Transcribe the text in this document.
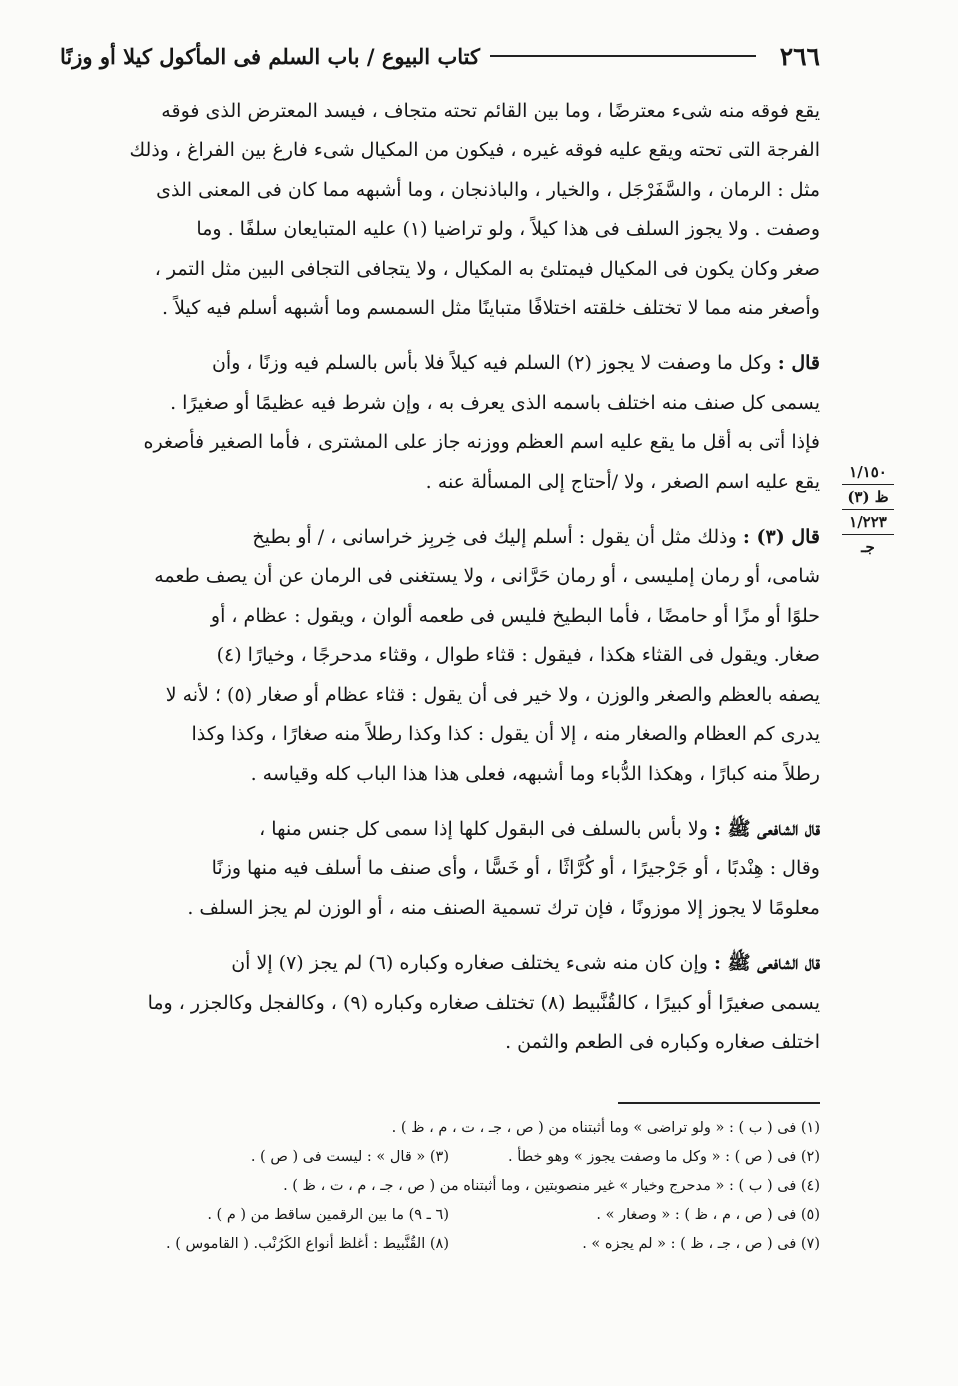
٢٦٦
كتاب البيوع / باب السلم فى المأكول كيلا أو وزنًا

يقع فوقه منه شىء معترضًا ، وما بين القائم تحته متجاف ، فيسد المعترض الذى فوقه

الفرجة التى تحته ويقع عليه فوقه غيره ، فيكون من المكيال شىء فارغ بين الفراغ ، وذلك

مثل : الرمان ، والسَّفَرْجَل ، والخيار ، والباذنجان ، وما أشبهه مما كان فى المعنى الذى

وصفت . ولا يجوز السلف فى هذا كيلاً ، ولو تراضيا (١) عليه المتبايعان سلفًا . وما

صغر وكان يكون فى المكيال فيمتلئ به المكيال ، ولا يتجافى التجافى البين مثل التمر ،

وأصغر منه مما لا تختلف خلقته اختلافًا متباينًا مثل السمسم وما أشبهه أسلم فيه كيلاً .

قال : وكل ما وصفت لا يجوز (٢) السلم فيه كيلاً فلا بأس بالسلم فيه وزنًا ، وأن

يسمى كل صنف منه اختلف باسمه الذى يعرف به ، وإن شرط فيه عظيمًا أو صغيرًا .

فإذا أتى به أقل ما يقع عليه اسم العظم ووزنه جاز على المشترى ، فأما الصغير فأصغره

يقع عليه اسم الصغر ، ولا /أحتاج إلى المسألة عنه .

قال (٣) : وذلك مثل أن يقول : أسلم إليك فى خِربِز خراسانى ، / أو بطيخ

شامى، أو رمان إمليسى ، أو رمان حَرَّانى ، ولا يستغنى فى الرمان عن أن يصف طعمه

حلوًا أو مزًا أو حامضًا ، فأما البطيخ فليس فى طعمه ألوان ، ويقول : عظام ، أو

صغار. ويقول فى القثاء هكذا ، فيقول : قثاء طوال ، وقثاء مدحرجًا ، وخيارًا (٤)

يصفه بالعظم والصغر والوزن ، ولا خير فى أن يقول : قثاء عظام أو صغار (٥) ؛ لأنه لا

يدرى كم العظام والصغار منه ، إلا أن يقول : كذا وكذا رطلاً منه صغارًا ، وكذا وكذا

رطلاً منه كبارًا ، وهكذا الدُّباء وما أشبهه، فعلى هذا هذا الباب كله وقياسه .

قال الشافعى ﷺ : ولا بأس بالسلف فى البقول كلها إذا سمى كل جنس منها ،

وقال : هِنْدبًا ، أو جَرْجيرًا ، أو كُرَّاثًا ، أو خَسًّا ، وأى صنف ما أسلف فيه منها وزنًا

معلومًا لا يجوز إلا موزونًا ، فإن ترك تسمية الصنف منه ، أو الوزن لم يجز السلف .

قال الشافعى ﷺ : وإن كان منه شىء يختلف صغاره وكباره (٦) لم يجز (٧) إلا أن

يسمى صغيرًا أو كبيرًا ، كالقُنَّبيط (٨) تختلف صغاره وكباره (٩) ، وكالفجل وكالجزر ، وما

اختلف صغاره وكباره فى الطعم والثمن .

١/١٥٠
ظ (٣)
١/٢٢٣
جـ
(١) فى ( ب ) : « ولو تراضى » وما أثبتناه من ( ص ، جـ ، ت ، م ، ظ ) .
(٢) فى ( ص ) : « وكل ما وصفت يجوز » وهو خطأ .
(٣) « قال » : ليست فى ( ص ) .
(٤) فى ( ب ) : « مدحرج وخيار » غير منصوبتين ، وما أثبتناه من ( ص ، جـ ، م ، ت ، ظ ) .
(٥) فى ( ص ، م ، ظ ) : « وصغار » .
(٦ ـ ٩) ما بين الرقمين ساقط من ( م ) .
(٧) فى ( ص ، جـ ، ظ ) : « لم يجزه » .
(٨) القُنَّبيط : أغلظ أنواع الكَرُنْب. ( القاموس ) .
